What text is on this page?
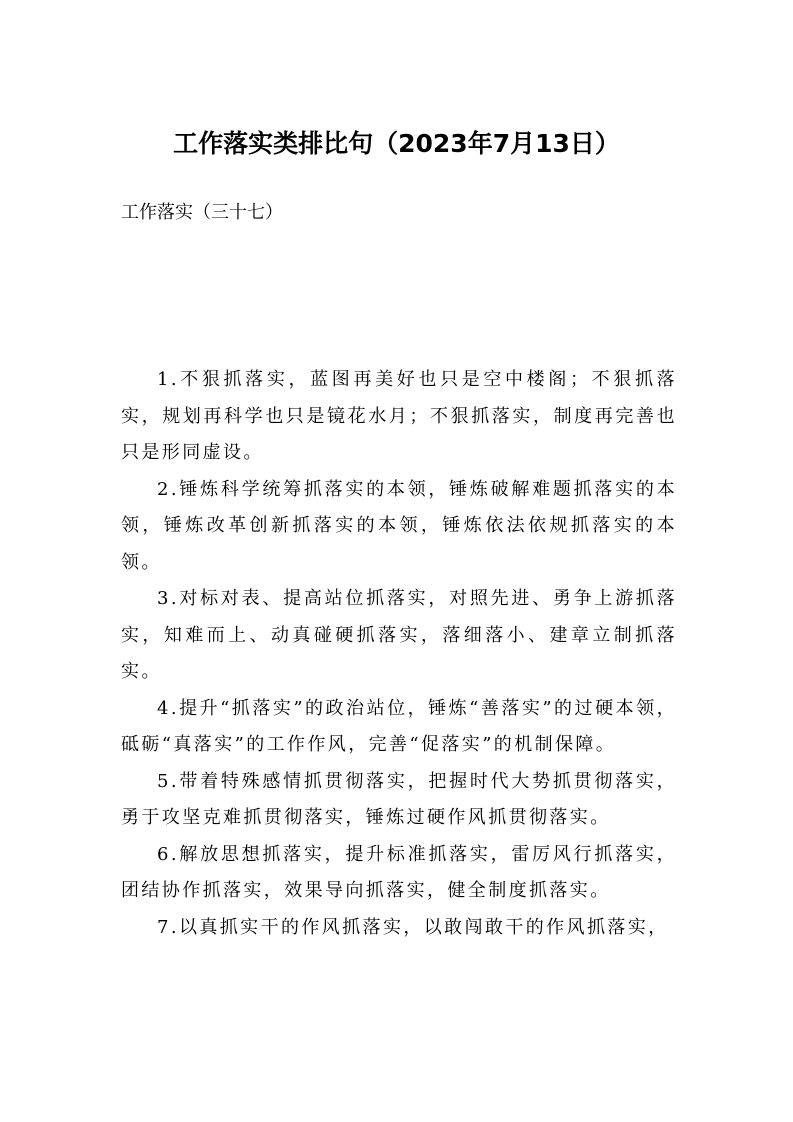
工作落实类排比句（2023年7月13日）
工作落实（三十七）

1.不狠抓落实，蓝图再美好也只是空中楼阁；不狠抓落实，规划再科学也只是镜花水月；不狠抓落实，制度再完善也只是形同虚设。

2.锤炼科学统筹抓落实的本领，锤炼破解难题抓落实的本领，锤炼改革创新抓落实的本领，锤炼依法依规抓落实的本领。

3.对标对表、提高站位抓落实，对照先进、勇争上游抓落实，知难而上、动真碰硬抓落实，落细落小、建章立制抓落实。

4.提升“抓落实”的政治站位，锤炼“善落实”的过硬本领，砥砺“真落实”的工作作风，完善“促落实”的机制保障。

5.带着特殊感情抓贯彻落实，把握时代大势抓贯彻落实，勇于攻坚克难抓贯彻落实，锤炼过硬作风抓贯彻落实。

6.解放思想抓落实，提升标准抓落实，雷厉风行抓落实，团结协作抓落实，效果导向抓落实，健全制度抓落实。

7.以真抓实干的作风抓落实，以敢闯敢干的作风抓落实，
